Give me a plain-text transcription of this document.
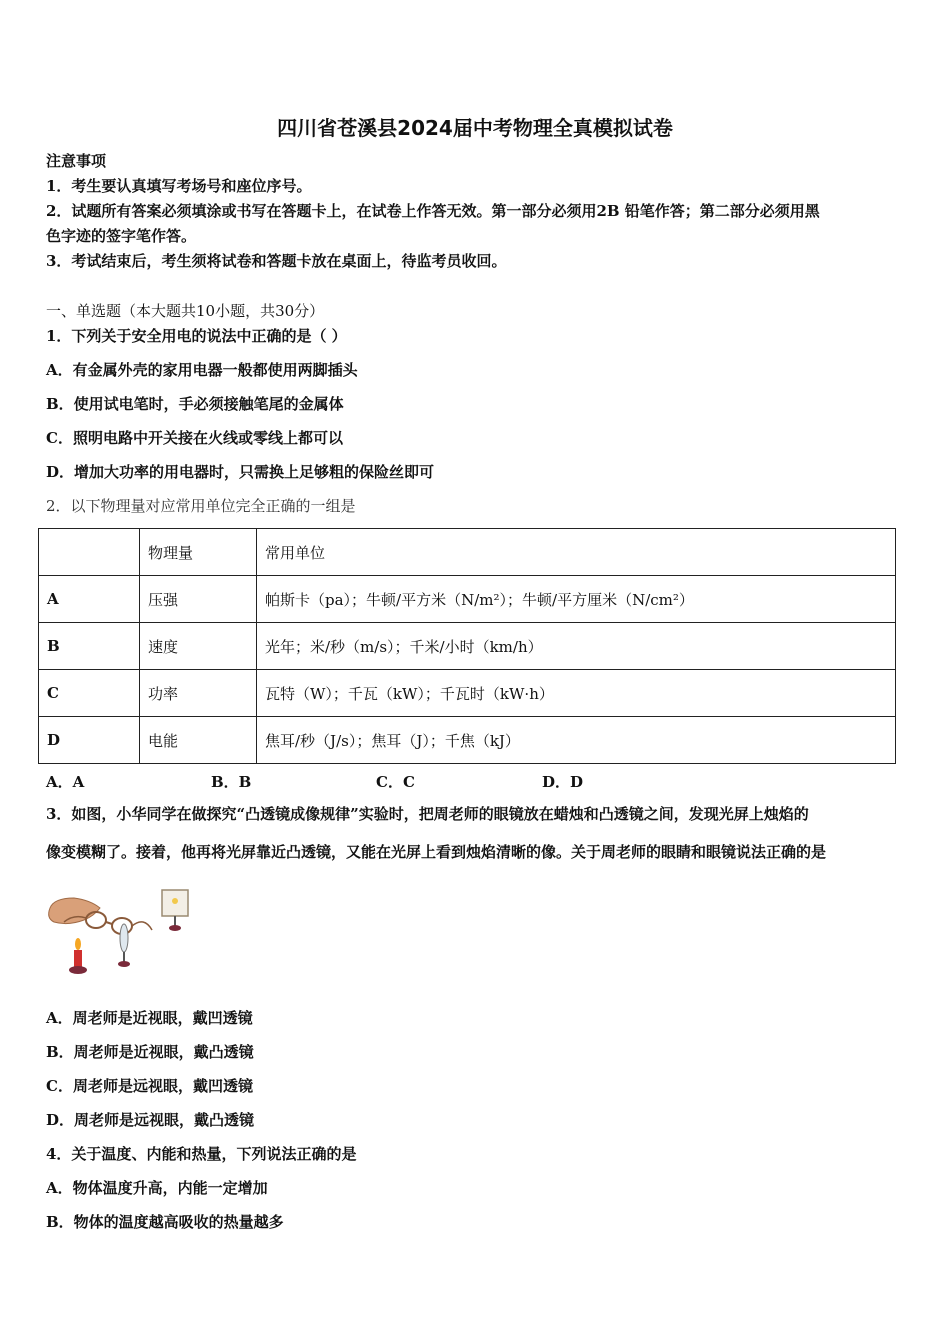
四川省苍溪县2024届中考物理全真模拟试卷
注意事项
1．考生要认真填写考场号和座位序号。
2．试题所有答案必须填涂或书写在答题卡上，在试卷上作答无效。第一部分必须用2B 铅笔作答；第二部分必须用黑
色字迹的签字笔作答。
3．考试结束后，考生须将试卷和答题卡放在桌面上，待监考员收回。
一、单选题（本大题共10小题，共30分）
1．下列关于安全用电的说法中正确的是（ ）
A．有金属外壳的家用电器一般都使用两脚插头
B．使用试电笔时，手必须接触笔尾的金属体
C．照明电路中开关接在火线或零线上都可以
D．增加大功率的用电器时，只需换上足够粗的保险丝即可
2．以下物理量对应常用单位完全正确的一组是
	物理量	常用单位
A	压强	帕斯卡（pa）；牛顿/平方米（N/m²）；牛顿/平方厘米（N/cm²）
B	速度	光年；米/秒（m/s）；千米/小时（km/h）
C	功率	瓦特（W）；千瓦（kW）；千瓦时（kW·h）
D	电能	焦耳/秒（J/s）；焦耳（J）；千焦（kJ）
A．A	B．B	C．C	D．D
3．如图，小华同学在做探究“凸透镜成像规律”实验时，把周老师的眼镜放在蜡烛和凸透镜之间，发现光屏上烛焰的
像变模糊了。接着，他再将光屏靠近凸透镜，又能在光屏上看到烛焰清晰的像。关于周老师的眼睛和眼镜说法正确的是
A．周老师是近视眼，戴凹透镜
B．周老师是近视眼，戴凸透镜
C．周老师是远视眼，戴凹透镜
D．周老师是远视眼，戴凸透镜
4．关于温度、内能和热量，下列说法正确的是
A．物体温度升高，内能一定增加
B．物体的温度越高吸收的热量越多
